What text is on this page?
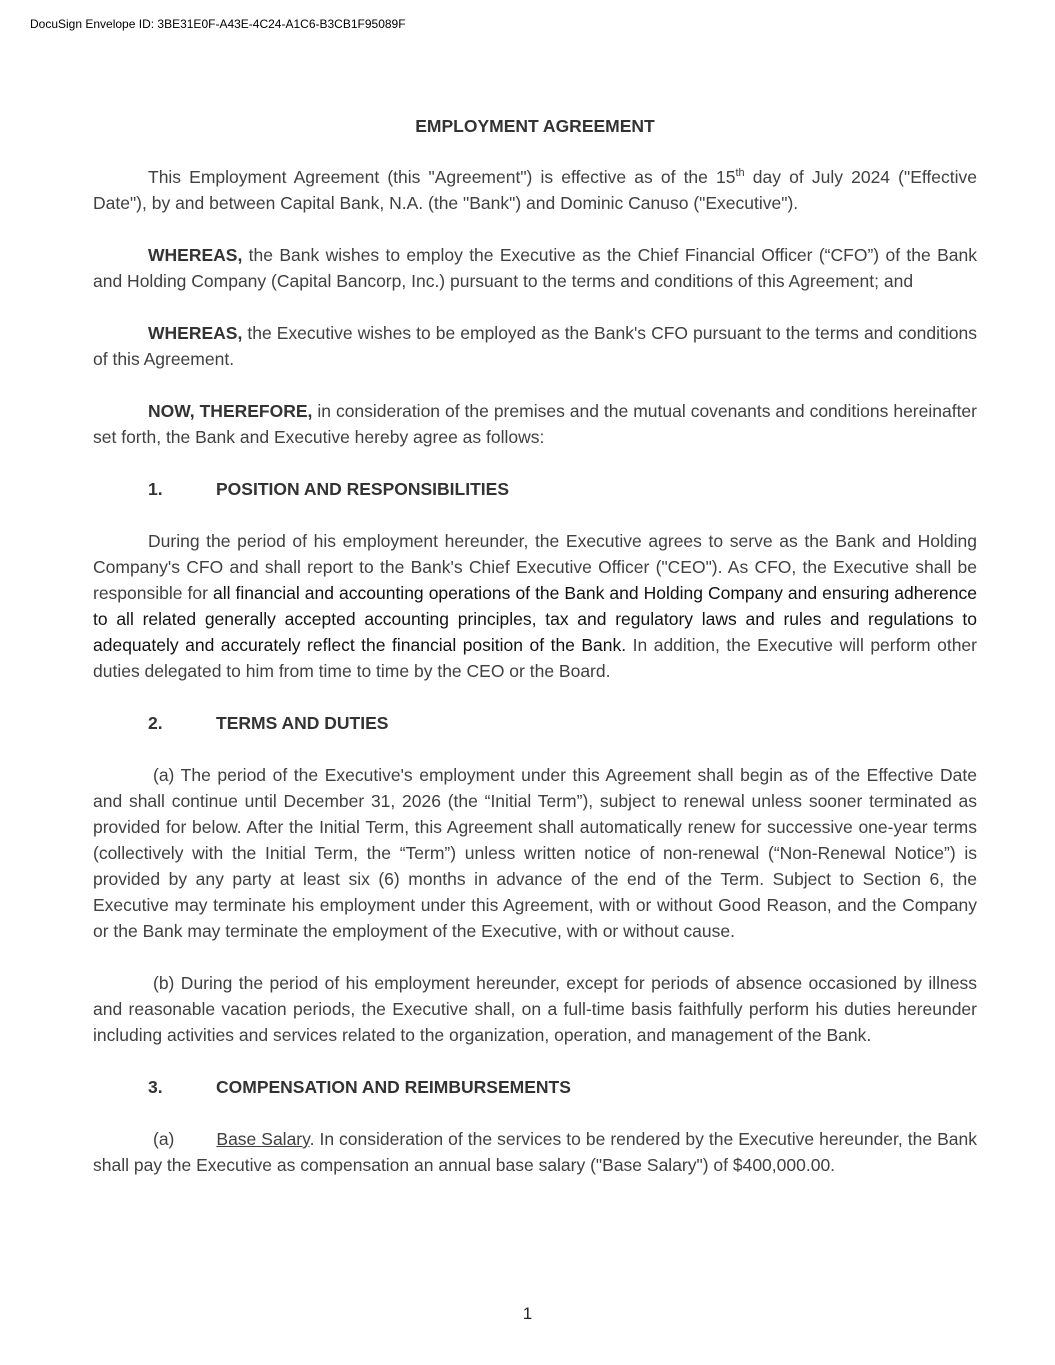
DocuSign Envelope ID: 3BE31E0F-A43E-4C24-A1C6-B3CB1F95089F
EMPLOYMENT AGREEMENT

This Employment Agreement (this "Agreement") is effective as of the 15th day of July 2024 ("Effective Date"), by and between Capital Bank, N.A. (the "Bank") and Dominic Canuso ("Executive").

WHEREAS, the Bank wishes to employ the Executive as the Chief Financial Officer (“CFO”) of the Bank and Holding Company (Capital Bancorp, Inc.) pursuant to the terms and conditions of this Agreement; and

WHEREAS, the Executive wishes to be employed as the Bank's CFO pursuant to the terms and conditions of this Agreement.

NOW, THEREFORE, in consideration of the premises and the mutual covenants and conditions hereinafter set forth, the Bank and Executive hereby agree as follows:

1.	POSITION AND RESPONSIBILITIES

During the period of his employment hereunder, the Executive agrees to serve as the Bank and Holding Company's CFO and shall report to the Bank's Chief Executive Officer ("CEO"). As CFO, the Executive shall be responsible for all financial and accounting operations of the Bank and Holding Company and ensuring adherence to all related generally accepted accounting principles, tax and regulatory laws and rules and regulations to adequately and accurately reflect the financial position of the Bank. In addition, the Executive will perform other duties delegated to him from time to time by the CEO or the Board.

2.	TERMS AND DUTIES

(a) The period of the Executive's employment under this Agreement shall begin as of the Effective Date and shall continue until December 31, 2026 (the “Initial Term”), subject to renewal unless sooner terminated as provided for below. After the Initial Term, this Agreement shall automatically renew for successive one-year terms (collectively with the Initial Term, the “Term”) unless written notice of non-renewal (“Non-Renewal Notice”) is provided by any party at least six (6) months in advance of the end of the Term. Subject to Section 6, the Executive may terminate his employment under this Agreement, with or without Good Reason, and the Company or the Bank may terminate the employment of the Executive, with or without cause.

(b) During the period of his employment hereunder, except for periods of absence occasioned by illness and reasonable vacation periods, the Executive shall, on a full-time basis faithfully perform his duties hereunder including activities and services related to the organization, operation, and management of the Bank.

3.	COMPENSATION AND REIMBURSEMENTS

(a) Base Salary. In consideration of the services to be rendered by the Executive hereunder, the Bank shall pay the Executive as compensation an annual base salary ("Base Salary") of $400,000.00.

1
